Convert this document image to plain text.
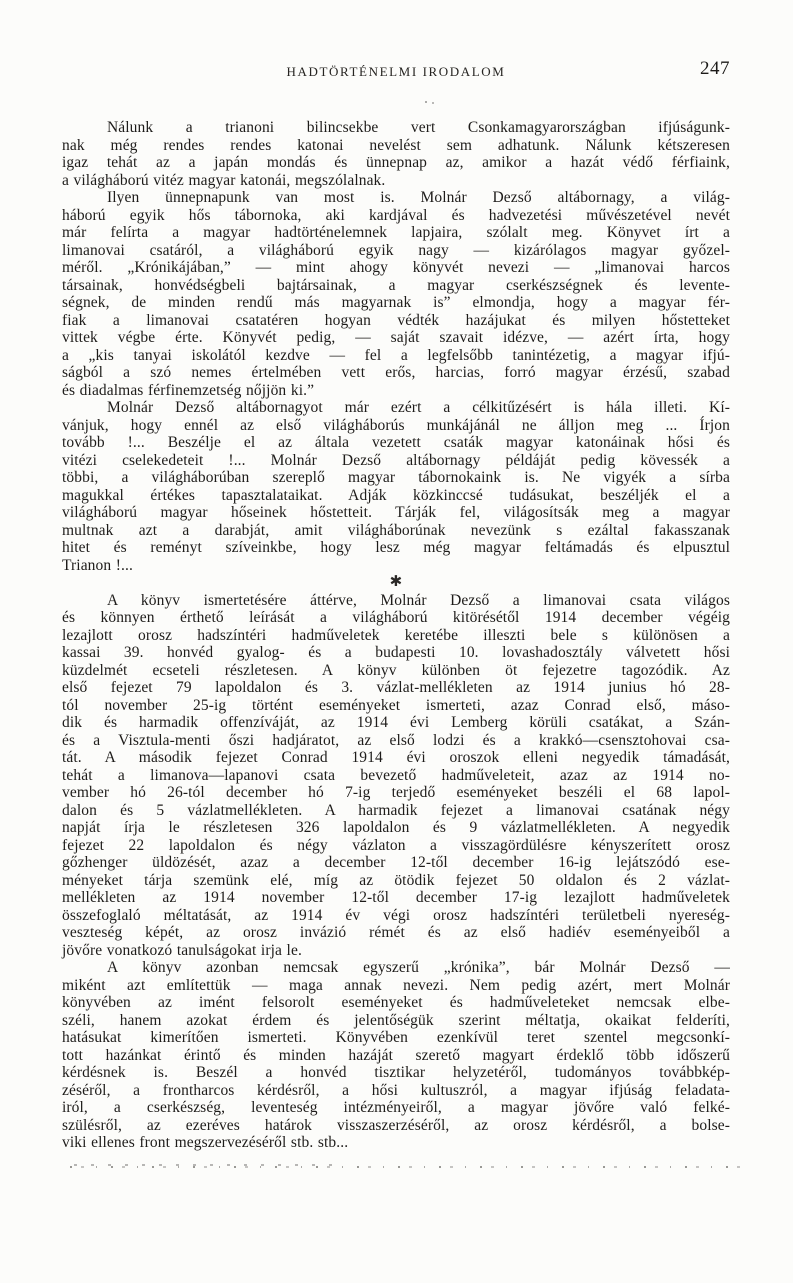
HADTÖRTÉNELMI IRODALOM	247
Nálunk a trianoni bilincsekbe vert Csonkamagyarországban ifjúságunk-
nak még rendes rendes katonai nevelést sem adhatunk. Nálunk kétszeresen
igaz tehát az a japán mondás és ünnepnap az, amikor a hazát védő férfiaink,
a világháború vitéz magyar katonái, megszólalnak.
Ilyen ünnepnapunk van most is. Molnár Dezső altábornagy, a világ-
háború egyik hős tábornoka, aki kardjával és hadvezetési művészetével nevét
már felírta a magyar hadtörténelemnek lapjaira, szólalt meg. Könyvet írt a
limanovai csatáról, a világháború egyik nagy — kizárólagos magyar győzel-
méről. „Krónikájában,” — mint ahogy könyvét nevezi — „limanovai harcos
társainak, honvédségbeli bajtársainak, a magyar cserkészségnek és levente-
ségnek, de minden rendű más magyarnak is” elmondja, hogy a magyar fér-
fiak a limanovai csatatéren hogyan védték hazájukat és milyen hőstetteket
vittek végbe érte. Könyvét pedig, — saját szavait idézve, — azért írta, hogy
a „kis tanyai iskolától kezdve — fel a legfelsőbb tanintézetig, a magyar ifjú-
ságból a szó nemes értelmében vett erős, harcias, forró magyar érzésű, szabad
és diadalmas férfinemzetség nőjjön ki.”
Molnár Dezső altábornagyot már ezért a célkitűzésért is hála illeti. Kí-
vánjuk, hogy ennél az első világháborús munkájánál ne álljon meg ... Írjon
tovább !... Beszélje el az általa vezetett csaták magyar katonáinak hősi és
vitézi cselekedeteit !... Molnár Dezső altábornagy példáját pedig kövessék a
többi, a világháborúban szereplő magyar tábornokaink is. Ne vigyék a sírba
magukkal értékes tapasztalataikat. Adják közkinccsé tudásukat, beszéljék el a
világháború magyar hőseinek hőstetteit. Tárják fel, világosítsák meg a magyar
multnak azt a darabját, amit világháborúnak nevezünk s ezáltal fakasszanak
hitet és reményt szíveinkbe, hogy lesz még magyar feltámadás és elpusztul
Trianon !...
✱
A könyv ismertetésére áttérve, Molnár Dezső a limanovai csata világos
és könnyen érthető leírását a világháború kitörésétől 1914 december végéig
lezajlott orosz hadszíntéri hadműveletek keretébe illeszti bele s különösen a
kassai 39. honvéd gyalog- és a budapesti 10. lovashadosztály válvetett hősi
küzdelmét ecseteli részletesen. A könyv különben öt fejezetre tagozódik. Az
első fejezet 79 lapoldalon és 3. vázlat-mellékleten az 1914 junius hó 28-
tól november 25-ig történt eseményeket ismerteti, azaz Conrad első, máso-
dik és harmadik offenzíváját, az 1914 évi Lemberg körüli csatákat, a Szán-
és a Visztula-menti őszi hadjáratot, az első lodzi és a krakkó—csensztohovai csa-
tát. A második fejezet Conrad 1914 évi oroszok elleni negyedik támadását,
tehát a limanova—lapanovi csata bevezető hadműveleteit, azaz az 1914 no-
vember hó 26-tól december hó 7-ig terjedő eseményeket beszéli el 68 lapol-
dalon és 5 vázlatmellékleten. A harmadik fejezet a limanovai csatának négy
napját írja le részletesen 326 lapoldalon és 9 vázlatmellékleten. A negyedik
fejezet 22 lapoldalon és négy vázlaton a visszagördülésre kényszerített orosz
gőzhenger üldözését, azaz a december 12-től december 16-ig lejátszódó ese-
ményeket tárja szemünk elé, míg az ötödik fejezet 50 oldalon és 2 vázlat-
mellékleten az 1914 november 12-től december 17-ig lezajlott hadműveletek
összefoglaló méltatását, az 1914 év végi orosz hadszíntéri területbeli nyereség-
veszteség képét, az orosz invázió rémét és az első hadiév eseményeiből a
jövőre vonatkozó tanulságokat irja le.
A könyv azonban nemcsak egyszerű „krónika”, bár Molnár Dezső —
miként azt említettük — maga annak nevezi. Nem pedig azért, mert Molnár
könyvében az imént felsorolt eseményeket és hadműveleteket nemcsak elbe-
széli, hanem azokat érdem és jelentőségük szerint méltatja, okaikat felderíti,
hatásukat kimerítően ismerteti. Könyvében ezenkívül teret szentel megcsonkí-
tott hazánkat érintő és minden hazáját szerető magyart érdeklő több időszerű
kérdésnek is. Beszél a honvéd tisztikar helyzetéről, tudományos továbbkép-
zéséről, a frontharcos kérdésről, a hősi kultuszról, a magyar ifjúság feladata-
iról, a cserkészség, leventeség intézményeiről, a magyar jövőre való felké-
szülésről, az ezeréves határok visszaszerzéséről, az orosz kérdésről, a bolse-
viki ellenes front megszervezéséről stb. stb...
